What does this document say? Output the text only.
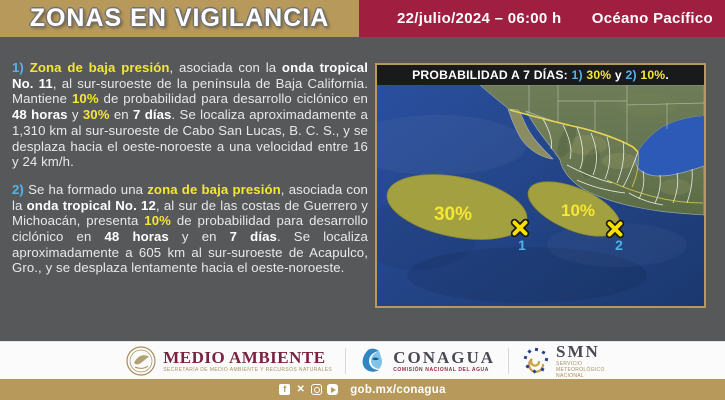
ZONAS EN VIGILANCIA	22/julio/2024 – 06:00 h Océano Pacífico

1) Zona de baja presión, asociada con la onda tropical No. 11, al sur-suroeste de la península de Baja California. Mantiene 10% de probabilidad para desarrollo ciclónico en 48 horas y 30% en 7 días. Se localiza aproximadamente a 1,310 km al sur-suroeste de Cabo San Lucas, B. C. S., y se desplaza hacia el oeste-noroeste a una velocidad entre 16 y 24 km/h.

2) Se ha formado una zona de baja presión, asociada con la onda tropical No. 12, al sur de las costas de Guerrero y Michoacán, presenta 10% de probabilidad para desarrollo ciclónico en 48 horas y en 7 días. Se localiza aproximadamente a 605 km al sur-suroeste de Acapulco, Gro., y se desplaza lentamente hacia el oeste-noroeste.

PROBABILIDAD A 7 DÍAS: 1)
30% y 2)
10% .
30%	10%
1	2
MEDIO AMBIENTE
SECRETARÍA DE MEDIO AMBIENTE Y RECURSOS NATURALES
CONAGUA
COMISIÓN NACIONAL DEL AGUA
SMN
SERVICIO METEOROLÓGICO NACIONAL
f	✕	gob.mx/conagua
